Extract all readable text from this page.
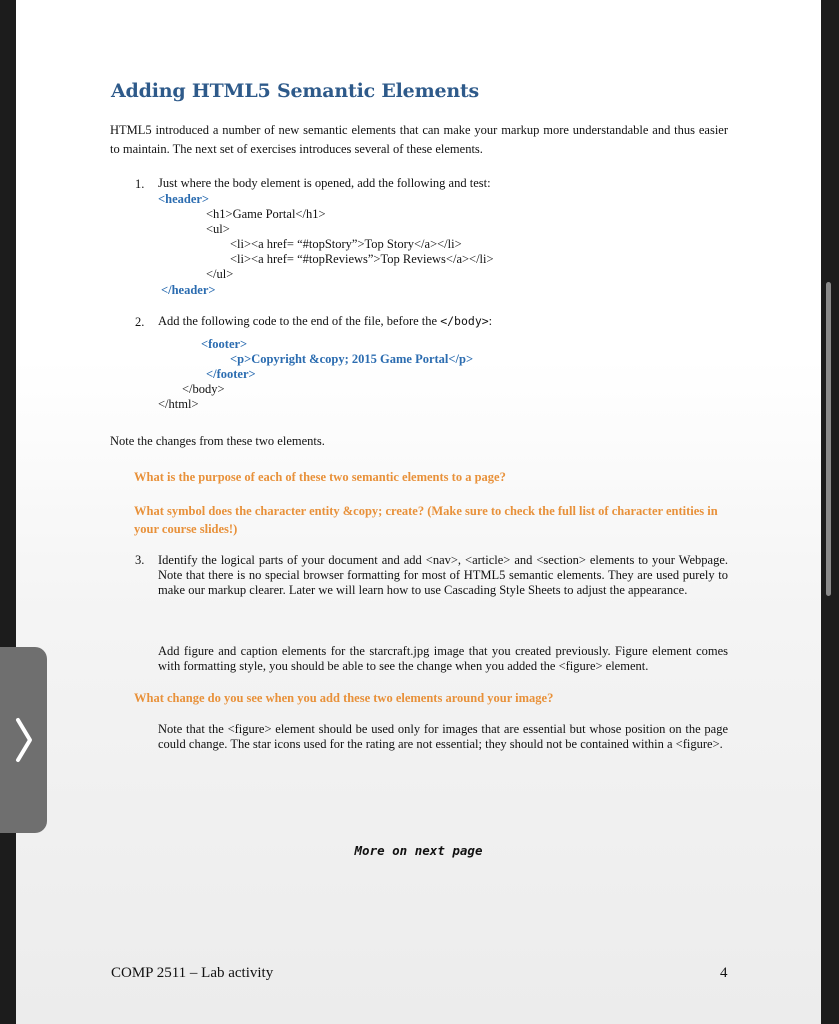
Adding HTML5 Semantic Elements
HTML5 introduced a number of new semantic elements that can make your markup more understandable and thus easier to maintain. The next set of exercises introduces several of these elements.
1. Just where the body element is opened, add the following and test:
<header>
<h1>Game Portal</h1>
<ul>
<li><a href= “#topStory”>Top Story</a></li>
<li><a href= “#topReviews”>Top Reviews</a></li>
</ul>
</header>
2. Add the following code to the end of the file, before the </body>:
<footer>
<p>Copyright &copy; 2015 Game Portal</p>
</footer>
</body>
</html>
Note the changes from these two elements.
What is the purpose of each of these two semantic elements to a page?
What symbol does the character entity &copy; create? (Make sure to check the full list of character entities in your course slides!)
3. Identify the logical parts of your document and add <nav>, <article> and <section> elements to your Webpage. Note that there is no special browser formatting for most of HTML5 semantic elements. They are used purely to make our markup clearer. Later we will learn how to use Cascading Style Sheets to adjust the appearance.
Add figure and caption elements for the starcraft.jpg image that you created previously. Figure element comes with formatting style, you should be able to see the change when you added the <figure> element.
What change do you see when you add these two elements around your image?
Note that the <figure> element should be used only for images that are essential but whose position on the page could change. The star icons used for the rating are not essential; they should not be contained within a <figure>.
More on next page
COMP 2511 – Lab activity	4
